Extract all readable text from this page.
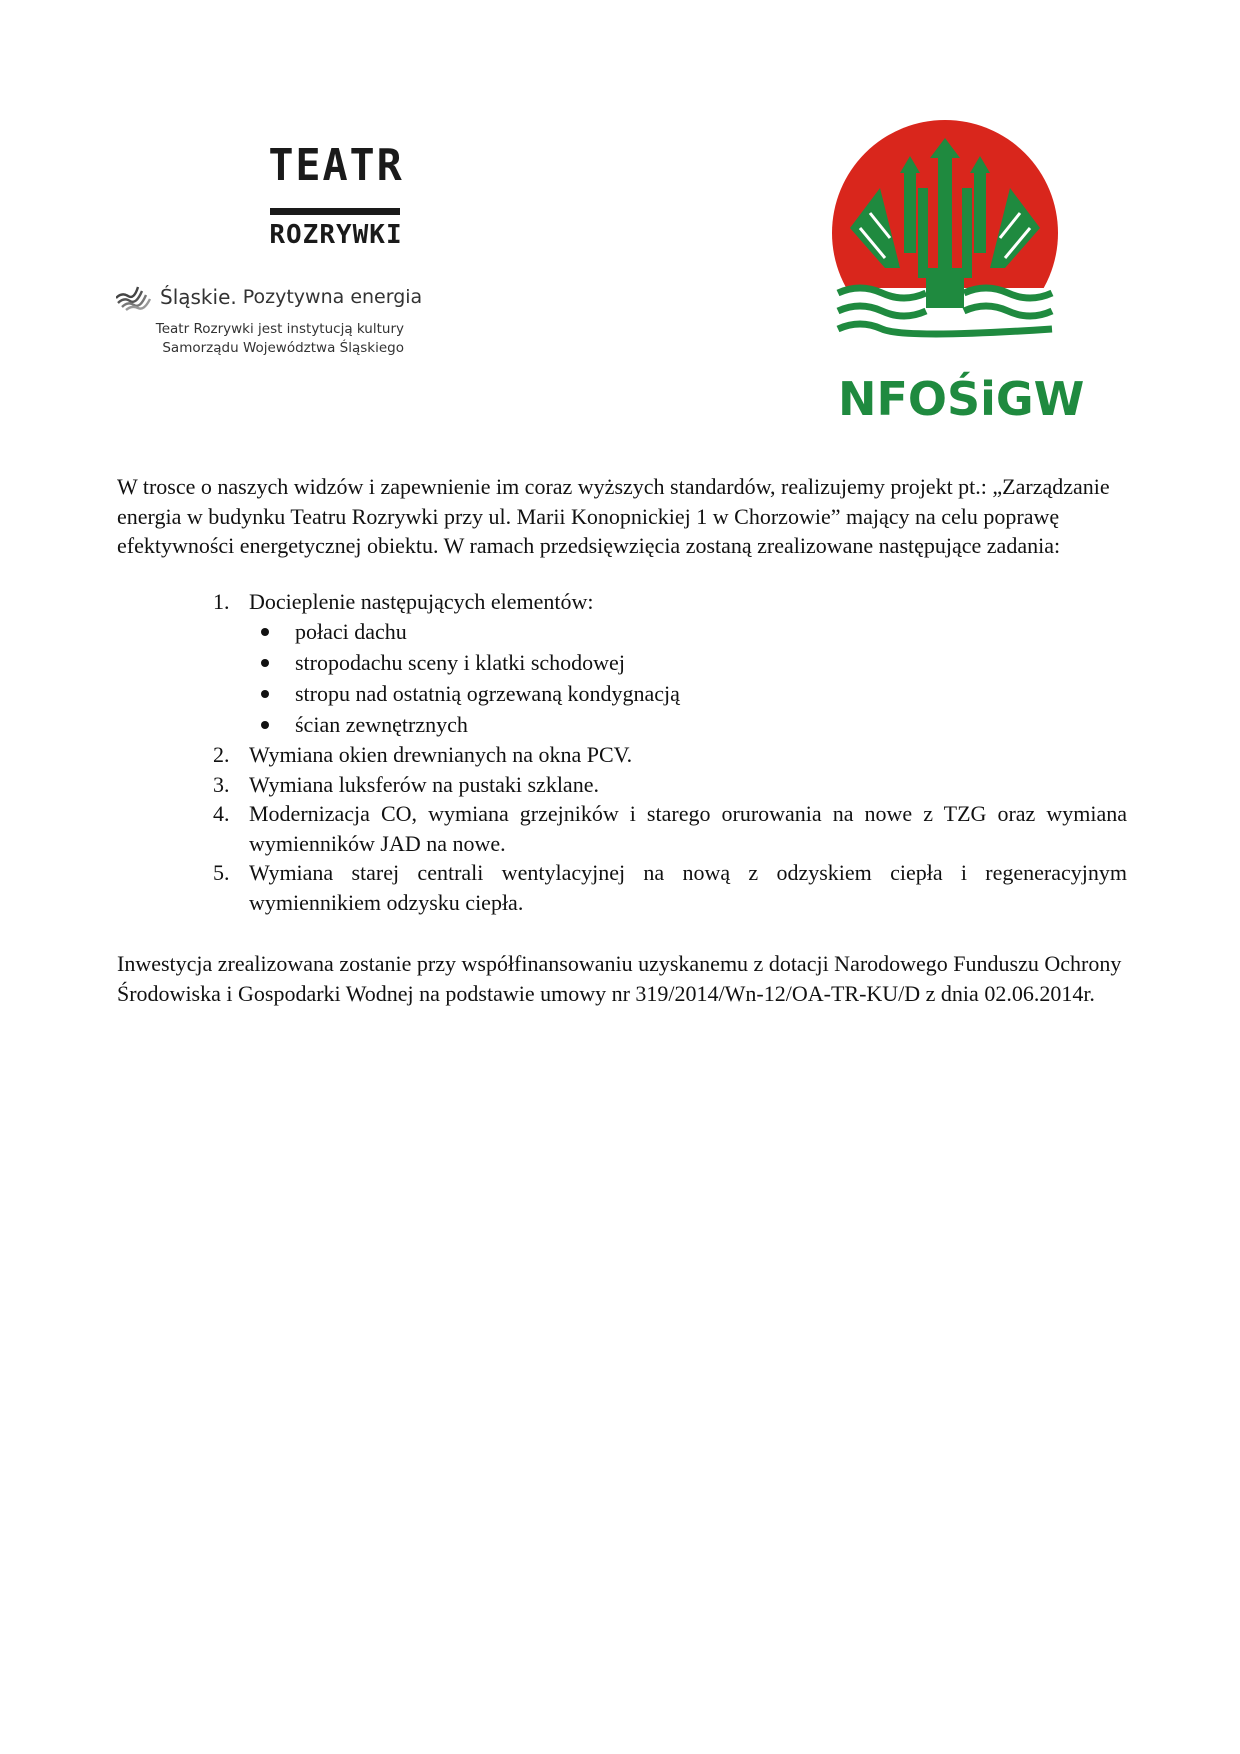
TEATR
ROZRYWKI
Śląskie. Pozytywna energia
Teatr Rozrywki jest instytucją kultury
Samorządu Województwa Śląskiego
NFOŚiGW

W trosce o naszych widzów i zapewnienie im coraz wyższych standardów, realizujemy projekt pt.: „Zarządzanie energia w budynku Teatru Rozrywki przy ul. Marii Konopnickiej 1 w Chorzowie” mający na celu poprawę efektywności energetycznej obiektu. W ramach przedsięwzięcia zostaną zrealizowane następujące zadania:

1. Docieplenie następujących elementów:
połaci dachu
stropodachu sceny i klatki schodowej
stropu nad ostatnią ogrzewaną kondygnacją
ścian zewnętrznych
2. Wymiana okien drewnianych na okna PCV.
3. Wymiana luksferów na pustaki szklane.
4. Modernizacja CO, wymiana grzejników i starego orurowania na nowe z TZG oraz wymiana wymienników JAD na nowe.
5. Wymiana starej centrali wentylacyjnej na nową z odzyskiem ciepła i regeneracyjnym wymiennikiem odzysku ciepła.

Inwestycja zrealizowana zostanie przy współfinansowaniu uzyskanemu z dotacji Narodowego Funduszu Ochrony Środowiska i Gospodarki Wodnej na podstawie umowy nr 319/2014/Wn-12/OA-TR-KU/D z dnia 02.06.2014r.
